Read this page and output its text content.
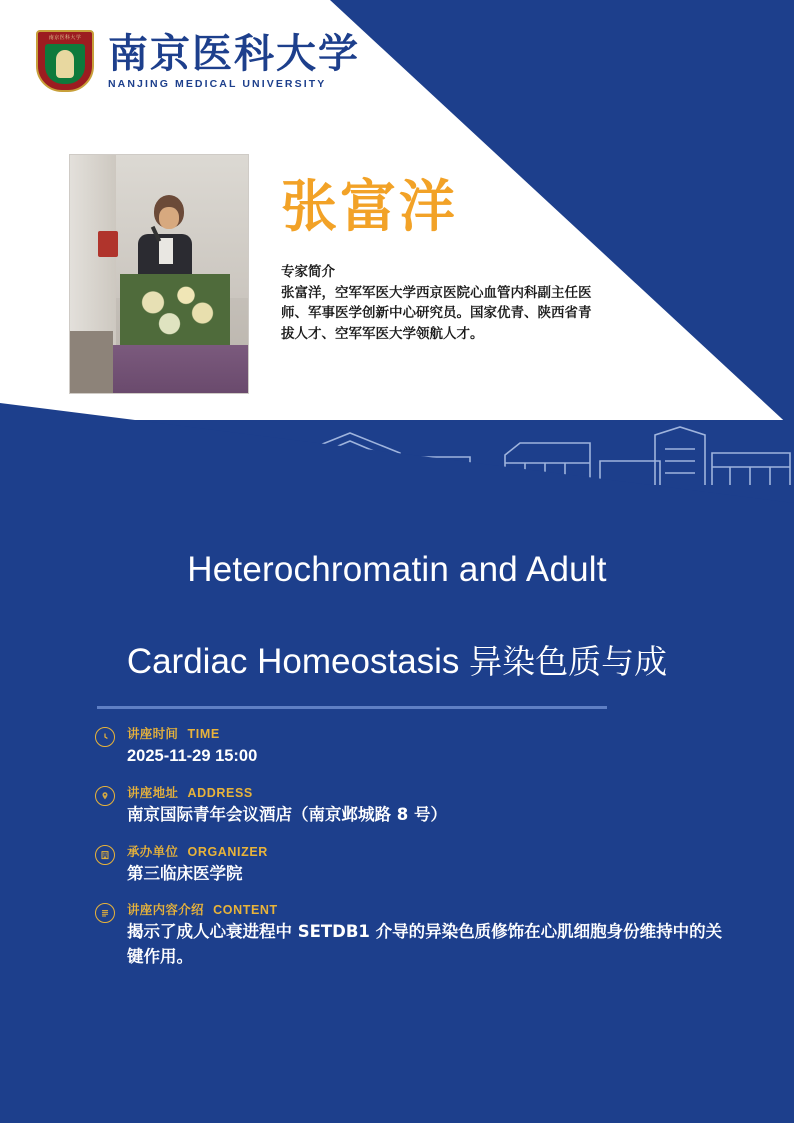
南京医科大学 南京医科大学
NANJING MEDICAL UNIVERSITY
张富洋
专家简介
张富洋，空军军医大学西京医院心血管内科副主任医师、军事医学创新中心研究员。国家优青、陕西省青拔人才、空军军医大学领航人才。
Heterochromatin and Adult
Cardiac Homeostasis 异染色质与成
讲座时间 TIME
2025-11-29 15:00
讲座地址 ADDRESS
南京国际青年会议酒店（南京邺城路 8 号）
承办单位 ORGANIZER
第三临床医学院
讲座内容介绍 CONTENT
揭示了成人心衰进程中 SETDB1 介导的异染色质修饰在心肌细胞身份维持中的关键作用。
